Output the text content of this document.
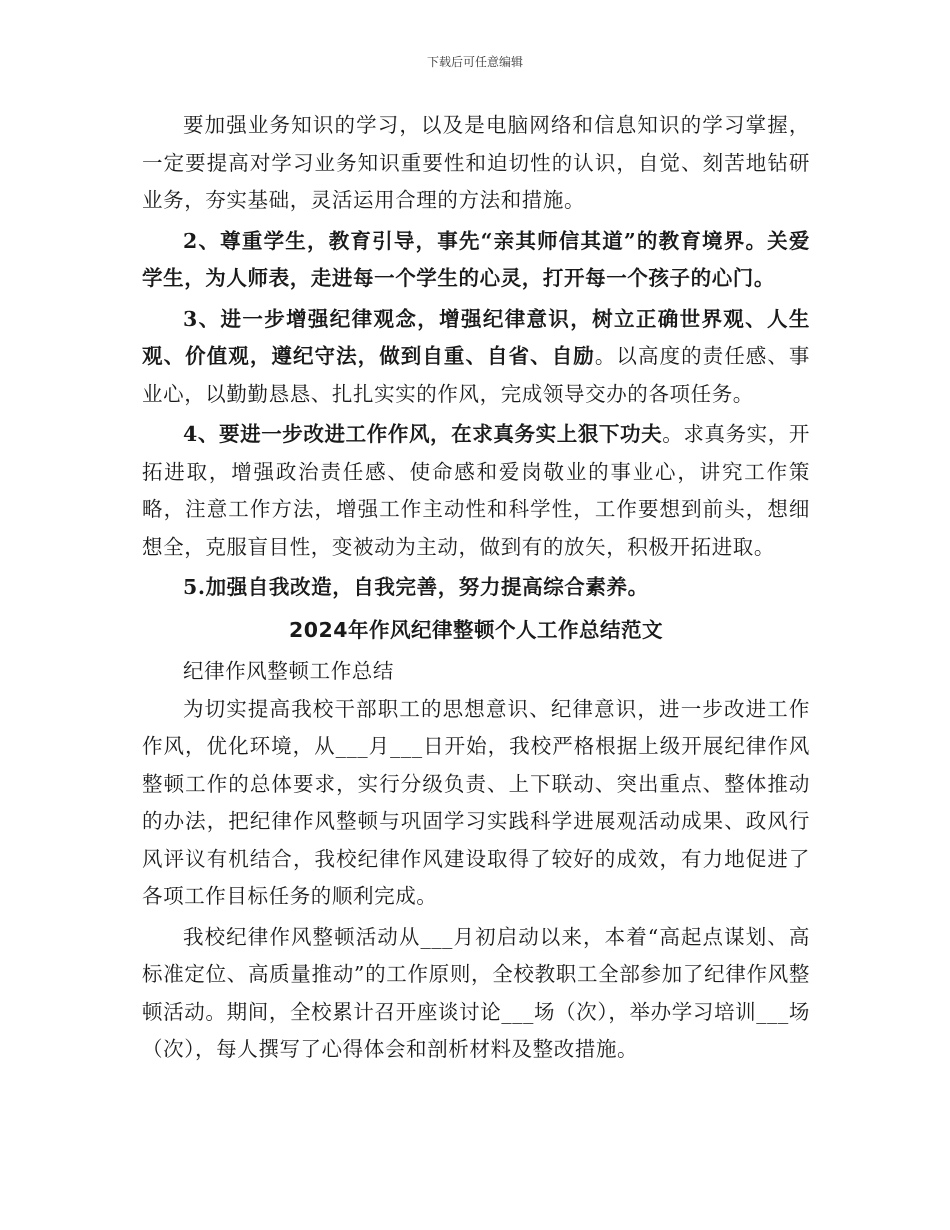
下载后可任意编辑

要加强业务知识的学习，以及是电脑网络和信息知识的学习掌握，一定要提高对学习业务知识重要性和迫切性的认识，自觉、刻苦地钻研业务，夯实基础，灵活运用合理的方法和措施。

2、尊重学生，教育引导，事先“亲其师信其道”的教育境界。关爱学生，为人师表，走进每一个学生的心灵，打开每一个孩子的心门。

3、进一步增强纪律观念，增强纪律意识，树立正确世界观、人生观、价值观，遵纪守法，做到自重、自省、自励。以高度的责任感、事业心，以勤勤恳恳、扎扎实实的作风，完成领导交办的各项任务。

4、要进一步改进工作作风，在求真务实上狠下功夫。求真务实，开拓进取，增强政治责任感、使命感和爱岗敬业的事业心，讲究工作策略，注意工作方法，增强工作主动性和科学性，工作要想到前头，想细想全，克服盲目性，变被动为主动，做到有的放矢，积极开拓进取。

5.加强自我改造，自我完善，努力提高综合素养。

2024年作风纪律整顿个人工作总结范文

纪律作风整顿工作总结

为切实提高我校干部职工的思想意识、纪律意识，进一步改进工作作风，优化环境，从___月___日开始，我校严格根据上级开展纪律作风整顿工作的总体要求，实行分级负责、上下联动、突出重点、整体推动的办法，把纪律作风整顿与巩固学习实践科学进展观活动成果、政风行风评议有机结合，我校纪律作风建设取得了较好的成效，有力地促进了各项工作目标任务的顺利完成。

我校纪律作风整顿活动从___月初启动以来，本着“高起点谋划、高标准定位、高质量推动”的工作原则，全校教职工全部参加了纪律作风整顿活动。期间，全校累计召开座谈讨论___场（次），举办学习培训___场（次），每人撰写了心得体会和剖析材料及整改措施。
